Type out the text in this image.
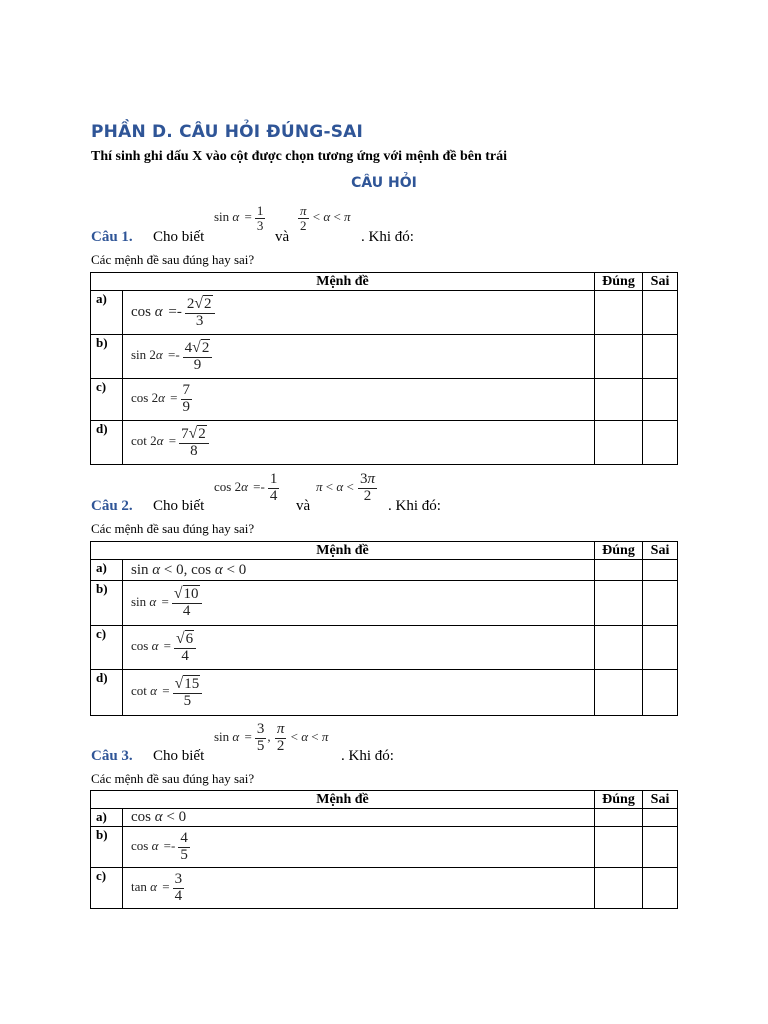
PHẦN D. CÂU HỎI ĐÚNG-SAI

Thí sinh ghi dấu X vào cột được chọn tương ứng với mệnh đề bên trái

CÂU HỎI

Câu 1. Cho biết
$\sin \alpha = \frac{1}{3}$
và
$\frac{\pi}{2} < \alpha < \pi$
. Khi đó:
Các mệnh đề sau đúng hay sai?
Mệnh đề		Đúng	Sai
a)	$\cos \alpha =- \frac{2√2}{3}$

b)	$\sin 2\alpha =- \frac{4√2}{9}$

c)	$\cos 2\alpha = \frac{7}{9}$

d)	$\cot 2\alpha = \frac{7√2}{8}$

Câu 2. Cho biết
$\cos 2\alpha =- \frac{1}{4}$
và
$\pi < \alpha < \frac{3\pi}{2}$
. Khi đó:
Các mệnh đề sau đúng hay sai?
Mệnh đề		Đúng	Sai
a)	sin α < 0, cos α < 0		
b)	$\sin \alpha = \frac{√10}{4}$

c)	$\cos \alpha = \frac{√6}{4}$

d)	$\cot \alpha = \frac{√15}{5}$

Câu 3. Cho biết
$\sin \alpha = \frac{3}{5}$ , $\frac{\pi}{2} < \alpha < \pi$
. Khi đó:
Các mệnh đề sau đúng hay sai?
Mệnh đề		Đúng	Sai
a)	cos α < 0		
b)	$\cos \alpha =- \frac{4}{5}$

c)	$\tan \alpha = \frac{3}{4}$
